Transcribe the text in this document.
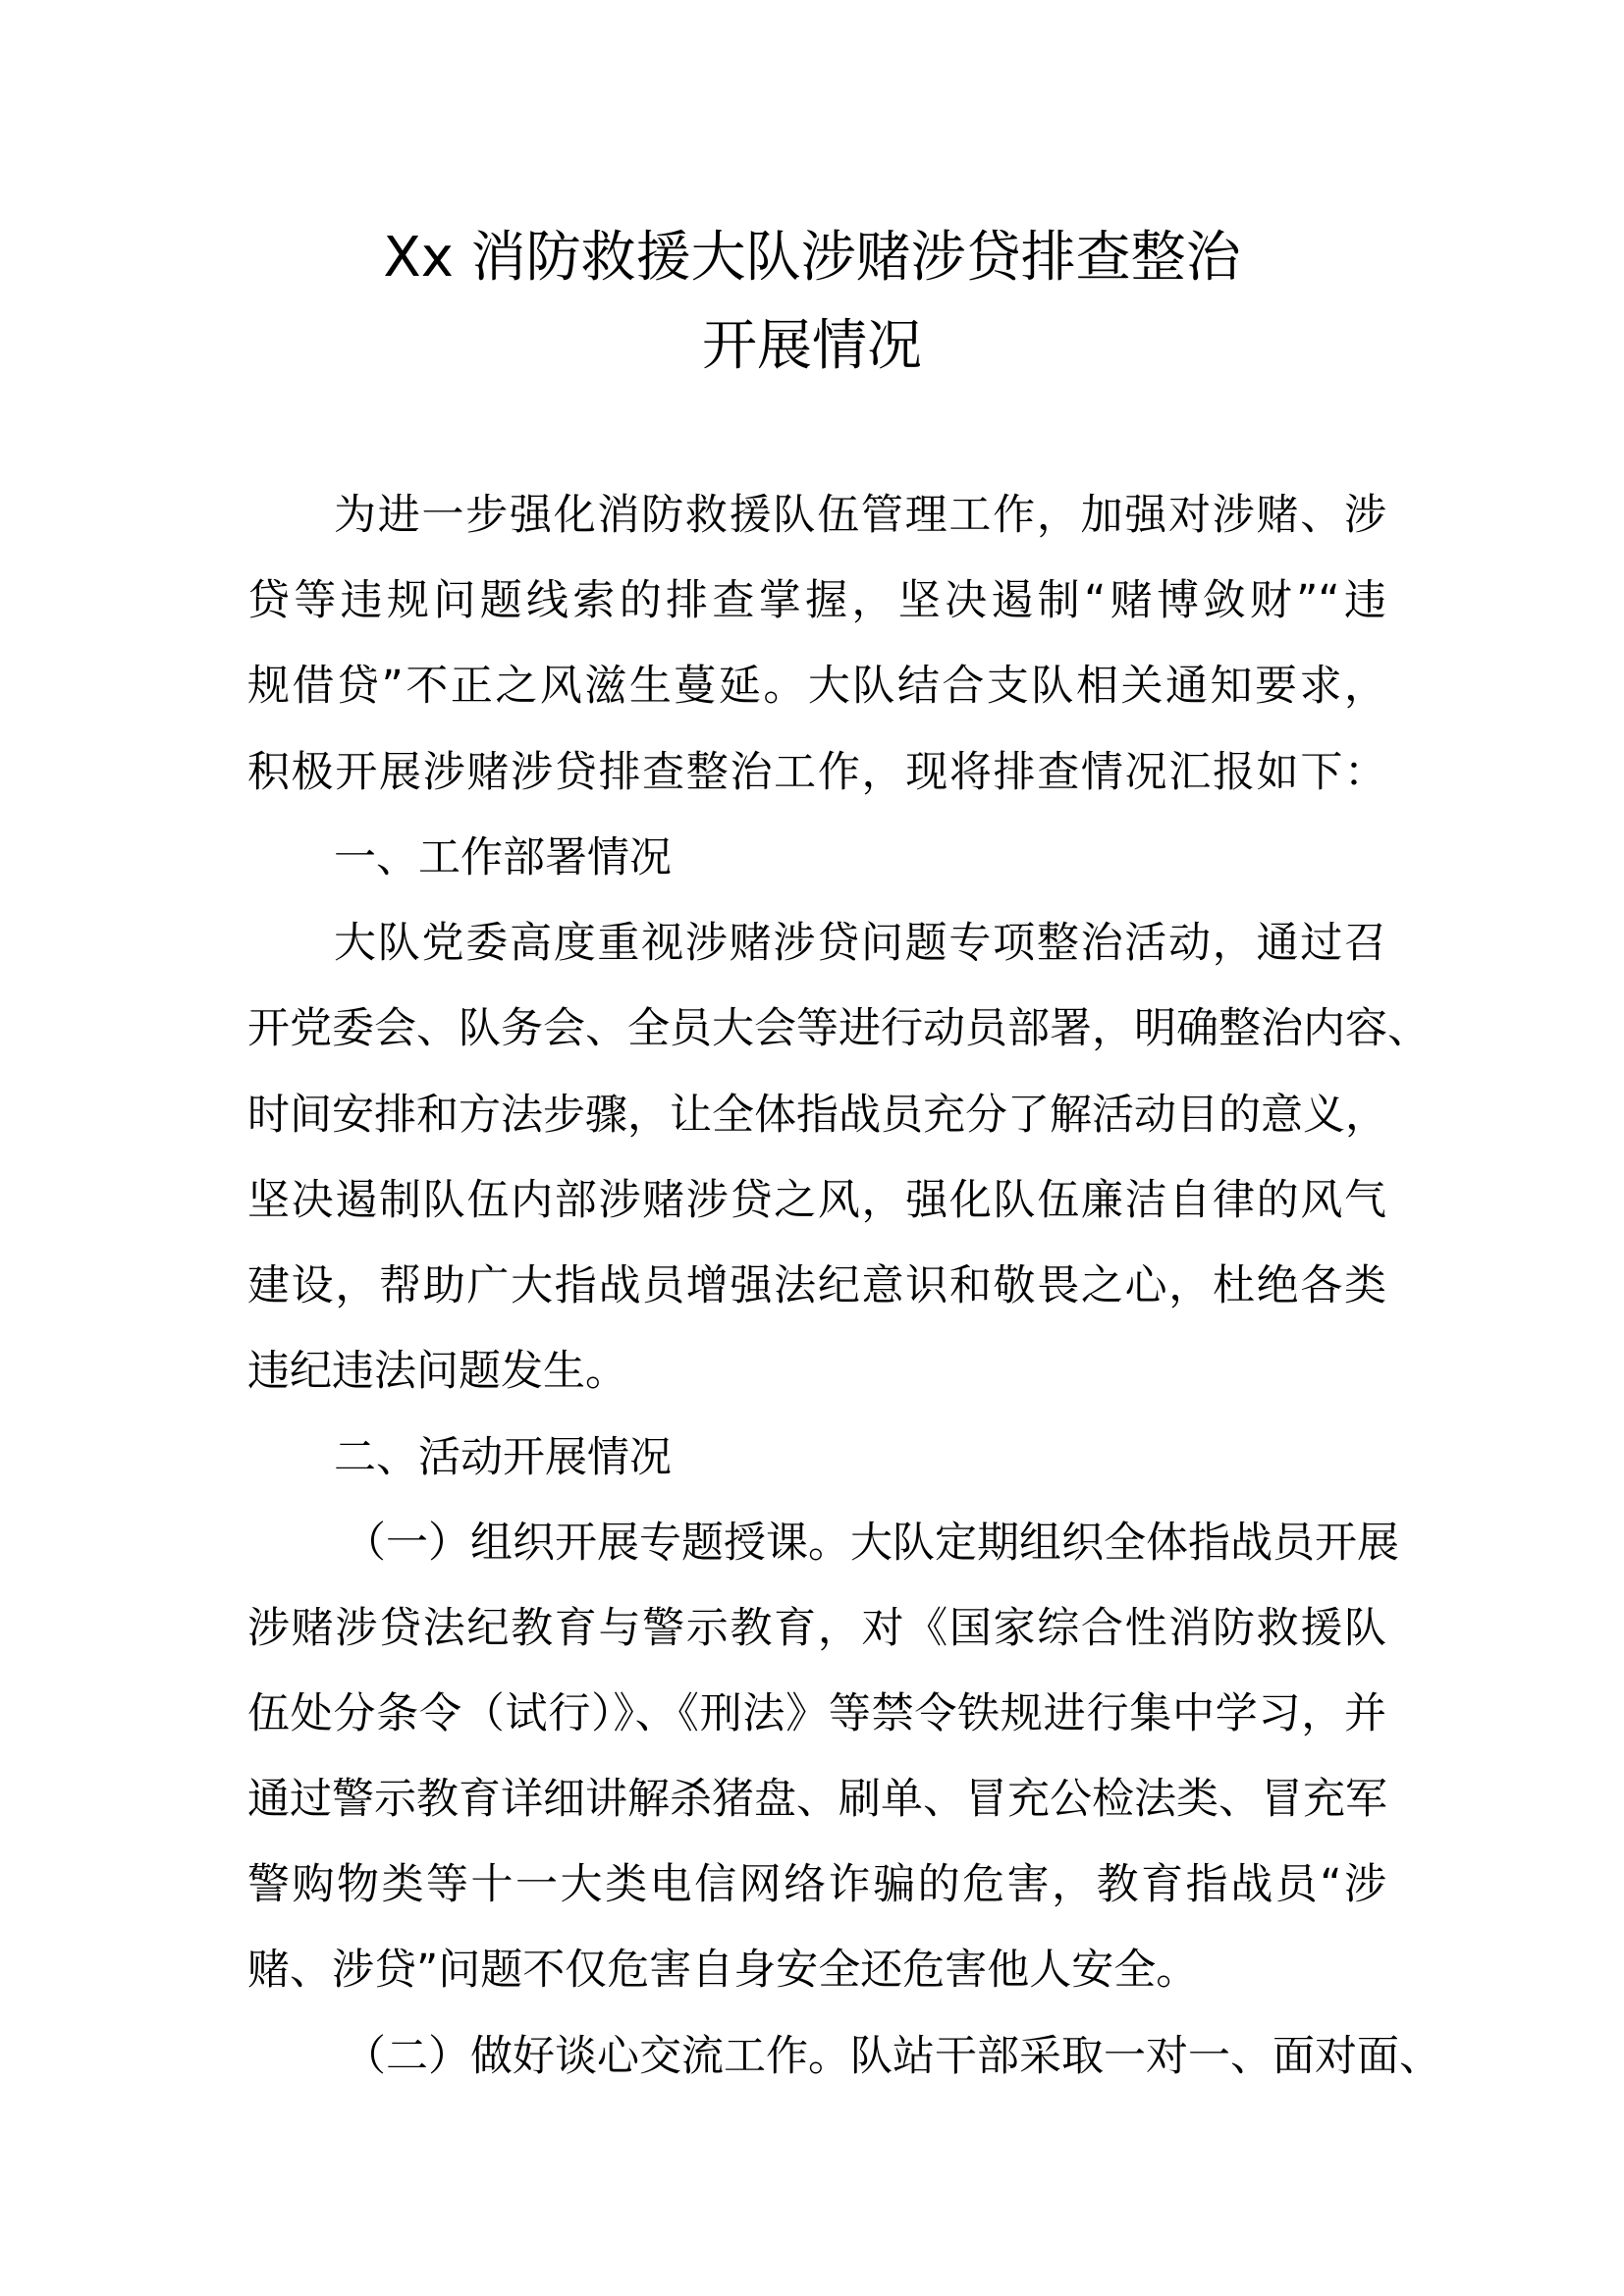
Xx 消防救援大队涉赌涉贷排查整治
开展情况
为进一步强化消防救援队伍管理工作，加强对涉赌、涉
贷等违规问题线索的排查掌握，坚决遏制“赌博敛财”“违
规借贷”不正之风滋生蔓延。大队结合支队相关通知要求，
积极开展涉赌涉贷排查整治工作，现将排查情况汇报如下：
一、工作部署情况
大队党委高度重视涉赌涉贷问题专项整治活动，通过召
开党委会、队务会、全员大会等进行动员部署，明确整治内容、
时间安排和方法步骤，让全体指战员充分了解活动目的意义，
坚决遏制队伍内部涉赌涉贷之风，强化队伍廉洁自律的风气
建设，帮助广大指战员增强法纪意识和敬畏之心，杜绝各类
违纪违法问题发生。
二、活动开展情况
（一）组织开展专题授课。大队定期组织全体指战员开展
涉赌涉贷法纪教育与警示教育，对《国家综合性消防救援队
伍处分条令（试行）》、《刑法》等禁令铁规进行集中学习，并
通过警示教育详细讲解杀猪盘、刷单、冒充公检法类、冒充军
警购物类等十一大类电信网络诈骗的危害，教育指战员“涉
赌、涉贷”问题不仅危害自身安全还危害他人安全。
（二）做好谈心交流工作。队站干部采取一对一、面对面、
